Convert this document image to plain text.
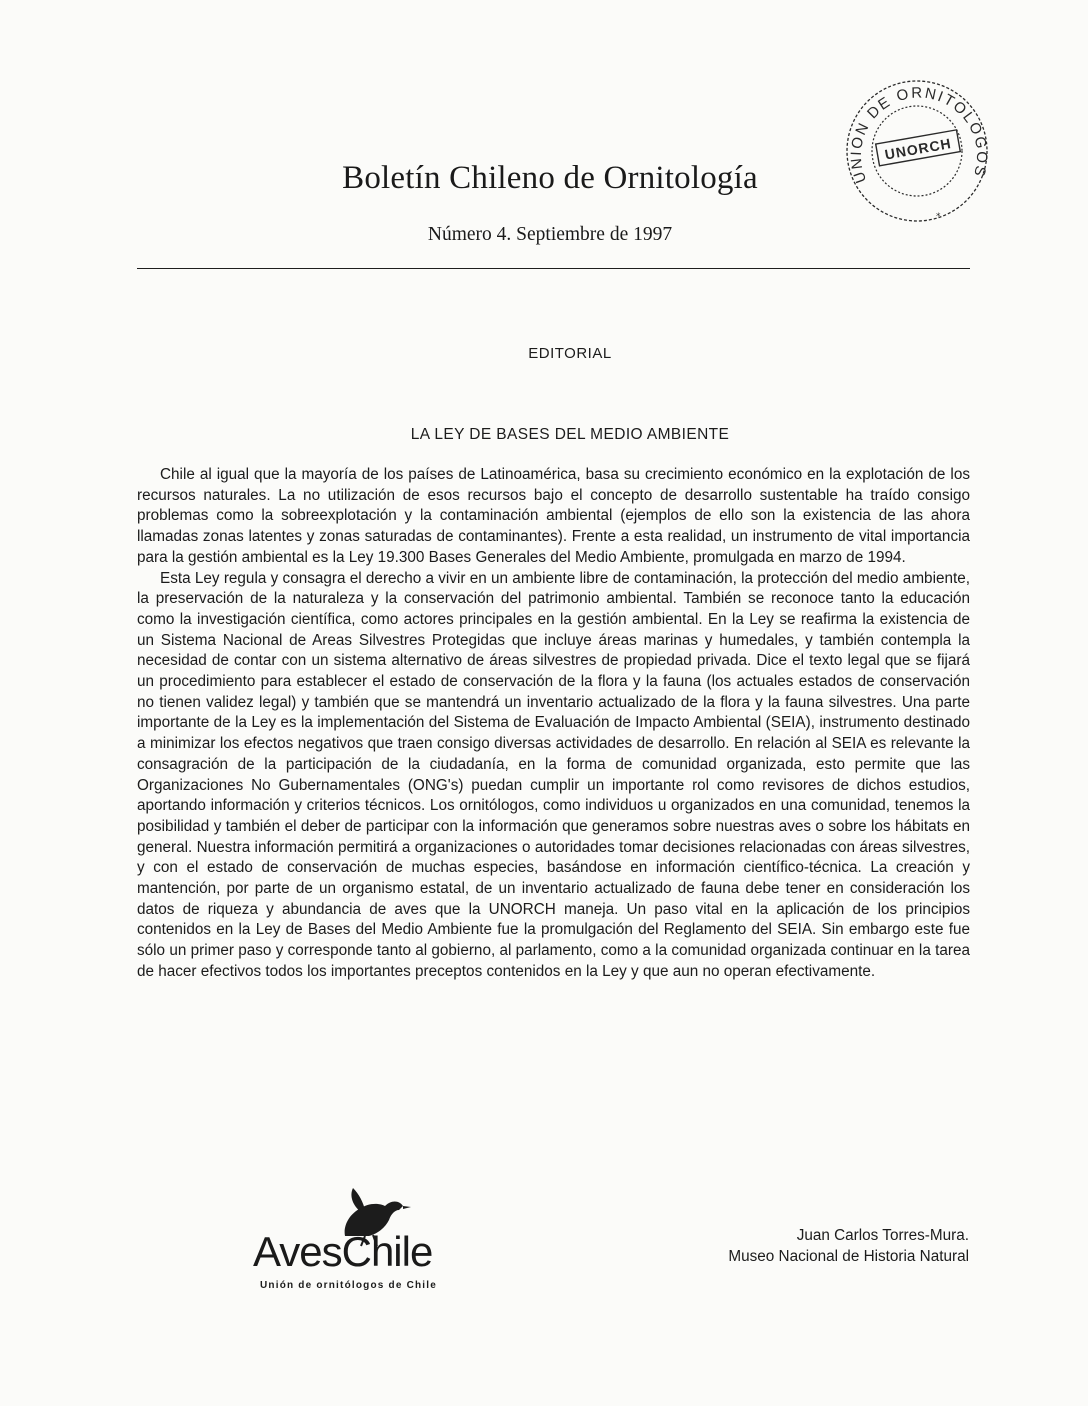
Boletín Chileno de Ornitología
Número 4. Septiembre de 1997
UNION DE ORNITOLOGOS
UNORCH
*
EDITORIAL
LA LEY DE BASES DEL MEDIO AMBIENTE

Chile al igual que la mayoría de los países de Latinoamérica, basa su crecimiento económico en la explotación de los recursos naturales. La no utilización de esos recursos bajo el concepto de desarrollo sustentable ha traído consigo problemas como la sobreexplotación y la contaminación ambiental (ejemplos de ello son la existencia de las ahora llamadas zonas latentes y zonas saturadas de contaminantes). Frente a esta realidad, un instrumento de vital importancia para la gestión ambiental es la Ley 19.300 Bases Generales del Medio Ambiente, promulgada en marzo de 1994.

Esta Ley regula y consagra el derecho a vivir en un ambiente libre de contaminación, la protección del medio ambiente, la preservación de la naturaleza y la conservación del patrimonio ambiental. También se reconoce tanto la educación como la investigación científica, como actores principales en la gestión ambiental. En la Ley se reafirma la existencia de un Sistema Nacional de Areas Silvestres Protegidas que incluye áreas marinas y humedales, y también contempla la necesidad de contar con un sistema alternativo de áreas silvestres de propiedad privada. Dice el texto legal que se fijará un procedimiento para establecer el estado de conservación de la flora y la fauna (los actuales estados de conservación no tienen validez legal) y también que se mantendrá un inventario actualizado de la flora y la fauna silvestres. Una parte importante de la Ley es la implementación del Sistema de Evaluación de Impacto Ambiental (SEIA), instrumento destinado a minimizar los efectos negativos que traen consigo diversas actividades de desarrollo. En relación al SEIA es relevante la consagración de la participación de la ciudadanía, en la forma de comunidad organizada, esto permite que las Organizaciones No Gubernamentales (ONG's) puedan cumplir un importante rol como revisores de dichos estudios, aportando información y criterios técnicos. Los ornitólogos, como individuos u organizados en una comunidad, tenemos la posibilidad y también el deber de participar con la información que generamos sobre nuestras aves o sobre los hábitats en general. Nuestra información permitirá a organizaciones o autoridades tomar decisiones relacionadas con áreas silvestres, y con el estado de conservación de muchas especies, basándose en información científico-técnica. La creación y mantención, por parte de un organismo estatal, de un inventario actualizado de fauna debe tener en consideración los datos de riqueza y abundancia de aves que la UNORCH maneja. Un paso vital en la aplicación de los principios contenidos en la Ley de Bases del Medio Ambiente fue la promulgación del Reglamento del SEIA. Sin embargo este fue sólo un primer paso y corresponde tanto al gobierno, al parlamento, como a la comunidad organizada continuar en la tarea de hacer efectivos todos los importantes preceptos contenidos en la Ley y que aun no operan efectivamente.

AvesChile
Unión de ornitólogos de Chile
Juan Carlos Torres-Mura.
Museo Nacional de Historia Natural
